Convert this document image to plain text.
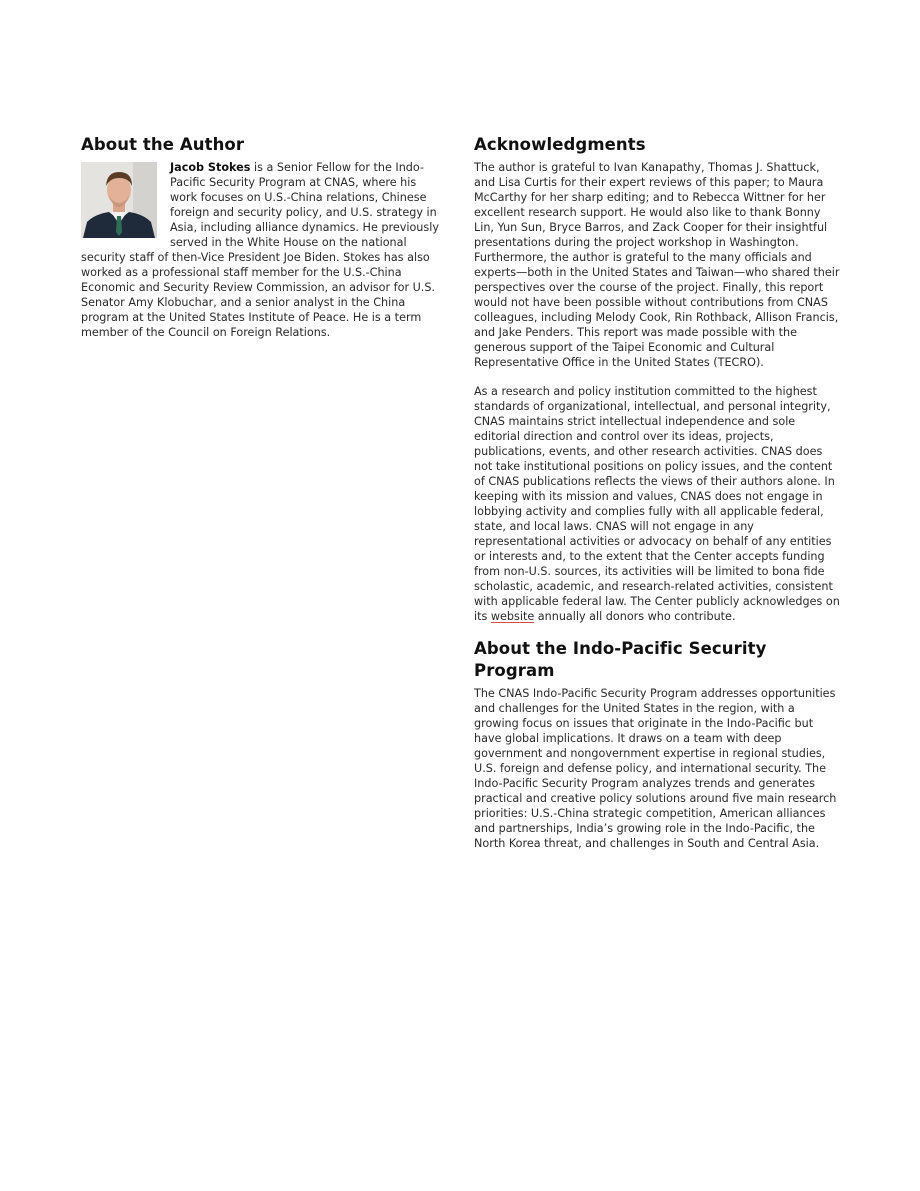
About the Author

Jacob Stokes is a Senior Fellow for the Indo-Pacific Security Program at CNAS, where his work focuses on U.S.-China relations, Chinese foreign and security policy, and U.S. strategy in Asia, including alliance dynamics. He previously served in the White House on the national security staff of then-Vice President Joe Biden. Stokes has also worked as a professional staff member for the U.S.-China Economic and Security Review Commission, an advisor for U.S. Senator Amy Klobuchar, and a senior analyst in the China program at the United States Institute of Peace. He is a term member of the Council on Foreign Relations.

Acknowledgments

The author is grateful to Ivan Kanapathy, Thomas J. Shattuck, and Lisa Curtis for their expert reviews of this paper; to Maura McCarthy for her sharp editing; and to Rebecca Wittner for her excellent research support. He would also like to thank Bonny Lin, Yun Sun, Bryce Barros, and Zack Cooper for their insightful presentations during the project workshop in Washington. Furthermore, the author is grateful to the many officials and experts—both in the United States and Taiwan—who shared their perspectives over the course of the project. Finally, this report would not have been possible without contributions from CNAS colleagues, including Melody Cook, Rin Rothback, Allison Francis, and Jake Penders. This report was made possible with the generous support of the Taipei Economic and Cultural Representative Office in the United States (TECRO).

As a research and policy institution committed to the highest standards of organizational, intellectual, and personal integrity, CNAS maintains strict intellectual independence and sole editorial direction and control over its ideas, projects, publications, events, and other research activities. CNAS does not take institutional positions on policy issues, and the content of CNAS publications reflects the views of their authors alone. In keeping with its mission and values, CNAS does not engage in lobbying activity and complies fully with all applicable federal, state, and local laws. CNAS will not engage in any representational activities or advocacy on behalf of any entities or interests and, to the extent that the Center accepts funding from non-U.S. sources, its activities will be limited to bona fide scholastic, academic, and research-related activities, consistent with applicable federal law. The Center publicly acknowledges on its website annually all donors who contribute.

About the Indo-Pacific Security Program

The CNAS Indo-Pacific Security Program addresses opportunities and challenges for the United States in the region, with a growing focus on issues that originate in the Indo-Pacific but have global implications. It draws on a team with deep government and nongovernment expertise in regional studies, U.S. foreign and defense policy, and international security. The Indo-Pacific Security Program analyzes trends and generates practical and creative policy solutions around five main research priorities: U.S.-China strategic competition, American alliances and partnerships, India’s growing role in the Indo-Pacific, the North Korea threat, and challenges in South and Central Asia.
